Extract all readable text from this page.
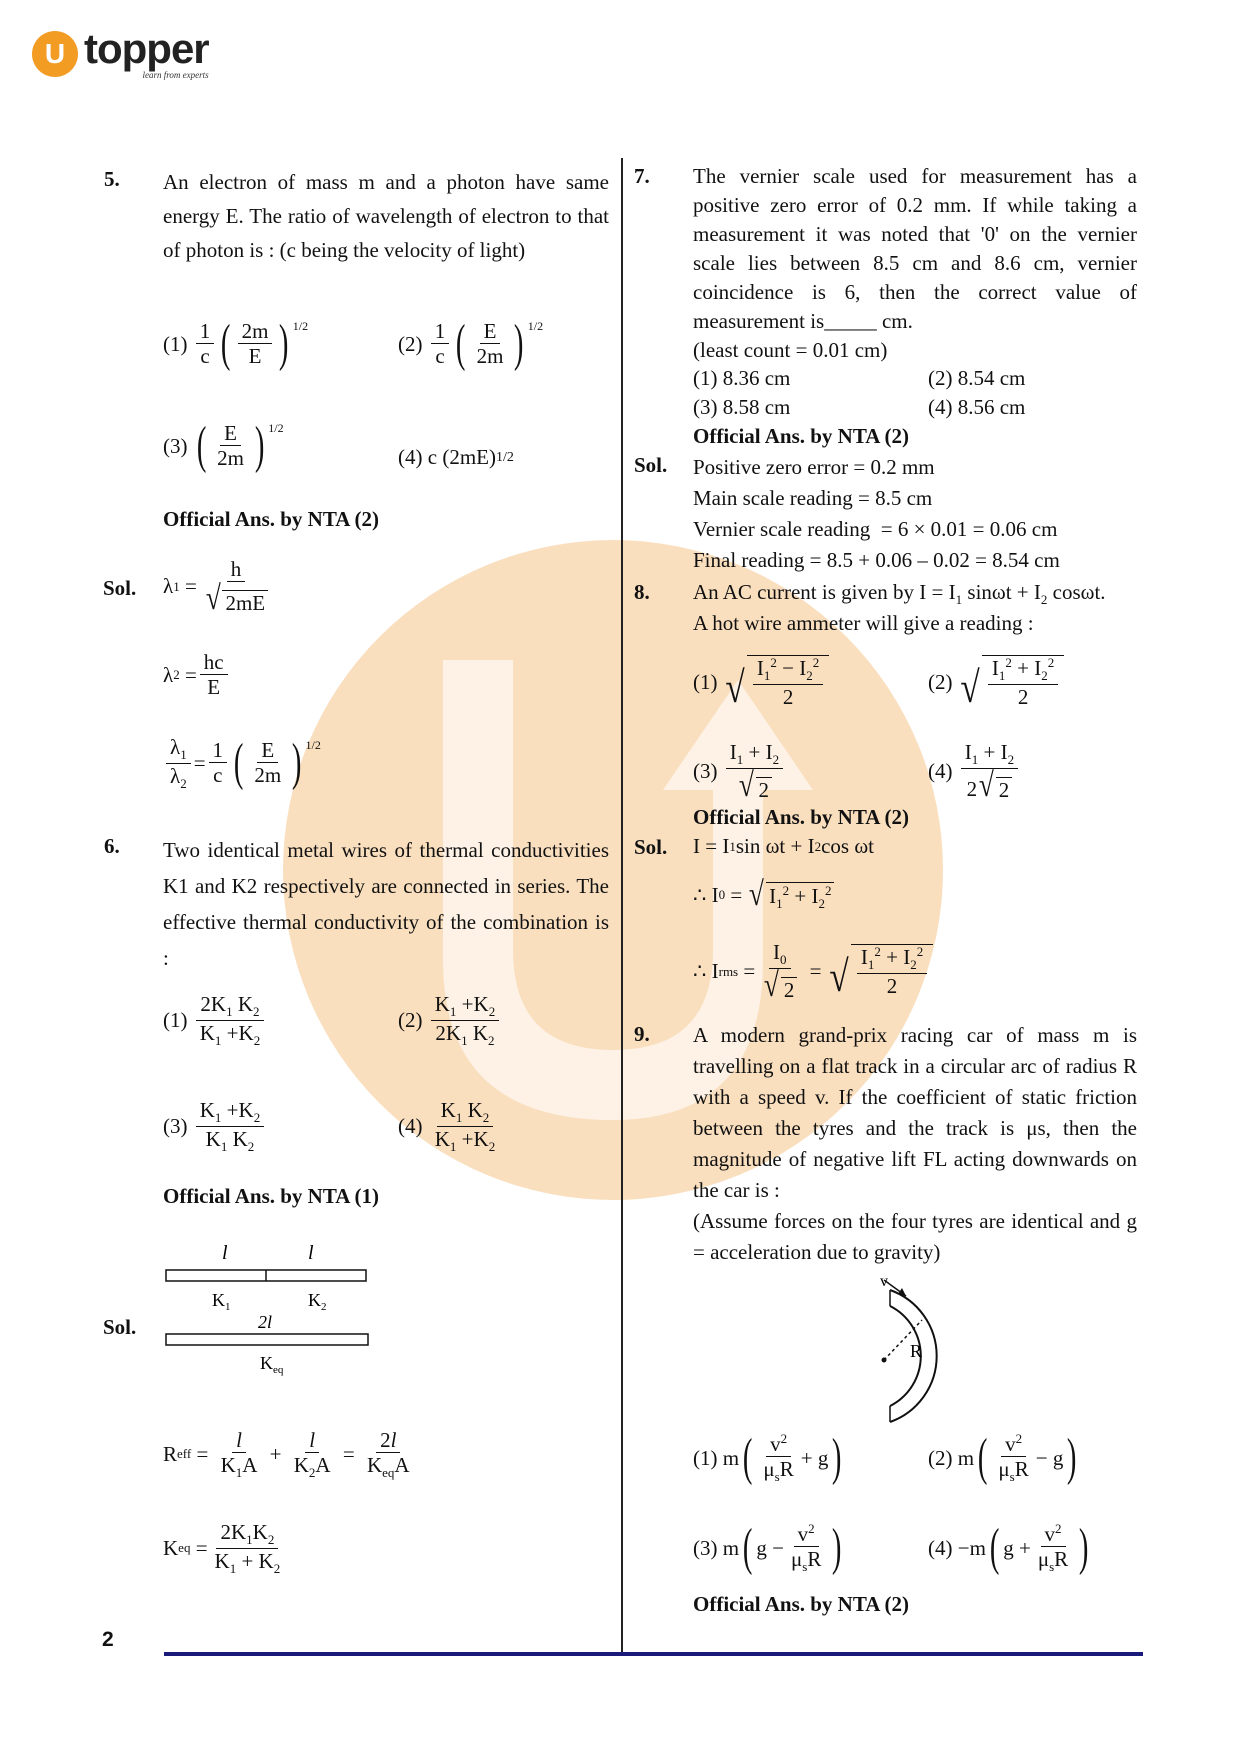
U topper
learn from experts
2
5. An electron of mass m and a photon have same energy E. The ratio of wavelength of electron to that of photon is : (c being the velocity of light)
(1)
$\frac{1}{c}$ ( $\frac{2m}{E}$ ) 1/2
(2)
$\frac{1}{c}$ ( $\frac{E}{2m}$ ) 1/2
(3)
( $\frac{E}{2m}$ ) 1/2
(4)
c (2mE) 1/2
Official Ans. by NTA (2)
Sol. λ $1 = \frac{h}{√ 2mE}$
λ $2 = \frac{hc}{E}$
$\frac{\lambda_1}{\lambda_2} = \frac{1}{c}$ ( $\frac{E}{2m}$ ) 1/2
6. Two identical metal wires of thermal conductivities K1 and K2 respectively are connected in series. The effective thermal conductivity of the combination is :
$(1) \frac{2K_1 K_2}{K_1 +K_2}$	$(2) \frac{K_1 +K_2}{2K_1 K_2}$
$(3) \frac{K_1 +K_2}{K_1 K_2}$	$(4) \frac{K_1 K_2}{K_1 +K_2}$
Official Ans. by NTA (1)
Sol.
l	l
$K_1$	$K_2$
2l
$K_{eq}$
R eff = $\frac{l}{K_1A} + \frac{l}{K_2A} = \frac{2l}{K_{eq}A}$
K eq = $\frac{2K_1K_2}{K_1 + K_2}$
7. The vernier scale used for measurement has a positive zero error of 0.2 mm. If while taking a measurement it was noted that '0' on the vernier scale lies between 8.5 cm and 8.6 cm, vernier coincidence is 6, then the correct value of measurement is_____ cm.
(least count = 0.01 cm)
(1) 8.36 cm	(2) 8.54 cm
(3) 8.58 cm	(4) 8.56 cm
Official Ans. by NTA (2)
Sol. Positive zero error = 0.2 mm
Main scale reading = 8.5 cm
Vernier scale reading  = 6 × 0.01 = 0.06 cm
Final reading = 8.5 + 0.06 – 0.02 = 8.54 cm
8. An AC current is given by $I = I_1$ $\sin\omega t + I_2$ cosωt.
A hot wire ammeter will give a reading :
(1) √ $\frac{I_1^2 - I_2^2}{2}$	(2) √ $\frac{I_1^2 + I_2^2}{2}$
$(3) \frac{I_1 + I_2}{√ 2}$	$(4) \frac{I_1 + I_2}{2 √ 2}$
Official Ans. by NTA (2)
Sol. I = I 1 sin ωt + I 2 cos ωt
∴ I 0 = √ $I_1^2 + I_2^2$
∴ I rms = $\frac{I_0}{√ 2}$ = √ $\frac{I_1^2 + I_2^2}{2}$
9. A modern grand-prix racing car of mass m is travelling on a flat track in a circular arc of radius R with a speed v. If the coefficient of static friction between the tyres and the track is μs, then the magnitude of negative lift FL acting downwards on the car is :
(Assume forces on the four tyres are identical and g = acceleration due to gravity)
v
R
(1) m ( $\frac{v^2}{\mu_sR} + g$ )	(2) m ( $\frac{v^2}{\mu_sR} - g$ )
(3) m ( $g - \frac{v^2}{\mu_sR}$ )	(4) −m ( $g + \frac{v^2}{\mu_sR}$ )
Official Ans. by NTA (2)
